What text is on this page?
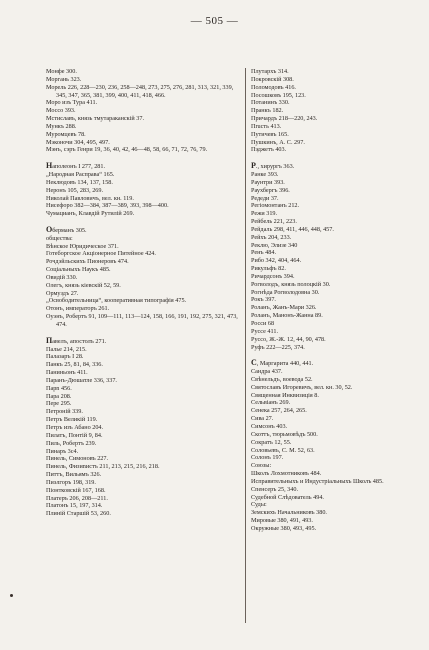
— 505 —
Монфе 300.
Моргань 323.
Морель 226, 228—230, 236, 258—248, 273, 275, 276, 281, 313, 321, 339, 345, 347, 365, 381, 399, 400, 411, 418, 466.
Моро изъ Тура 411.
Моссо 393.
Мстиславъ, князь тмутараканскій 37.
Мункъ 288.
Муромцевъ 78.
Мэконочи 304, 495, 497.
Мэнъ, сэръ Генри 19, 36, 40, 42, 46—48, 58, 66, 71, 72, 76, 79.
Наполеонъ I 277, 281.
„Народная Расправа“ 165.
Неклюдовъ 134, 137, 158.
Неронъ 105, 283, 269.
Николай Павловичъ, вел. кн. 119.
Нисефоро 382—384, 387—389, 393, 398—400.
Чумацианъ, Клавдій Рутилій 269.
Оберманъ 305.
общества:
Вѣнское Юридическое 371.
Готеборгское Акціонерное Питейное 424.
Рочдэйльскихъ Пионеровъ 474.
Соціальныхъ Наукъ 485.
Овидій 330.
Олегъ, князь кіевскій 52, 59.
Ормуздъ 27.
„Освободительница“, кооперативная типографія 475.
Отонъ, императоръ 261.
Оуэнъ, Робертъ 91, 109—111, 113—124, 158, 166, 191, 192, 275, 321, 473, 474.
Павелъ, апостолъ 271.
Палье 214, 215.
Палазаръ I 28.
Панкъ 25, 81, 84, 336.
Паниньонъ 411.
Паранъ-Дюшатле 336, 337.
Парn 456.
Пара 208.
Пере 295.
Петроній 339.
Петръ Великій 119.
Петръ изъ Абано 204.
Пилатъ, Понтій 9, 84.
Пиль, Робертъ 239.
Пинаръ 3с4.
Пинель, Симоновъ 227.
Пинель, Физиnистъ 211, 213, 215, 216, 218.
Питтъ, Вильямъ 326.
Пиэлгоръ 198, 319.
Піонтковскій 167, 168.
Платеръ 206, 208—211.
Платонъ 15, 197, 314.
Плиній Старшій 53, 260.
Плутархъ 314.
Покровскій 308.
Поломодовъ 416.
Посошковъ 195, 123.
Потанинъ 330.
Пранкъ 182.
Причардъ 218—220, 243.
Пruсть 413.
Путичевъ 165.
Пушкинъ, А. С. 297.
Пэджетъ 403.
Р., хирургъ 363.
Ранке 393.
Раунтри 393.
Раухбергъ 396.
Редеди 37.
Регіомонтанъ 212.
Режи 319.
Рейбель 221, 223.
Рейдаль 298, 411, 446, 448, 457.
Рейхъ 204, 233.
Реклю, Элизе 340
Ренъ 484.
Рибо 342, 404, 464.
Рикульфъ 82.
Ричардсонъ 394.
Рогволодъ, князь полоцкій 30.
Рогнѣда Рогволодовна 30.
Рокъ 397.
Роланъ, Жанъ-Мари 326.
Роланъ, Манонъ-Жанна 89.
Росси 68
Руссе 411.
Руссо, Ж.-Ж. 12, 44, 90, 478.
Руфъ 222—225, 374.
С, Маргарита 440, 441.
Сандра 437.
Свѣнельдъ, воевода 52.
Святославъ Игоревичъ, вел. кн. 30, 52.
Священная Инквизиція 8.
Сельвіанъ 269.
Сенека 257, 264, 265.
Сива 27.
Симсонъ 403.
Скоттъ, тюрьмовѣдъ 500.
Сократъ 12, 55.
Соловьевъ, С. М. 52, 63.
Солонъ 197.
Союзы:
Школъ Лохмотниковъ 484.
Исправительныхъ и Индустріальныхъ Школъ 485.
Спенсеръ 25, 340.
Судебной Слѣдователь 494.
Суды:
Земскихъ Начальниковъ 380.
Мировые 380, 491, 493.
Окружные 380, 493, 495.
